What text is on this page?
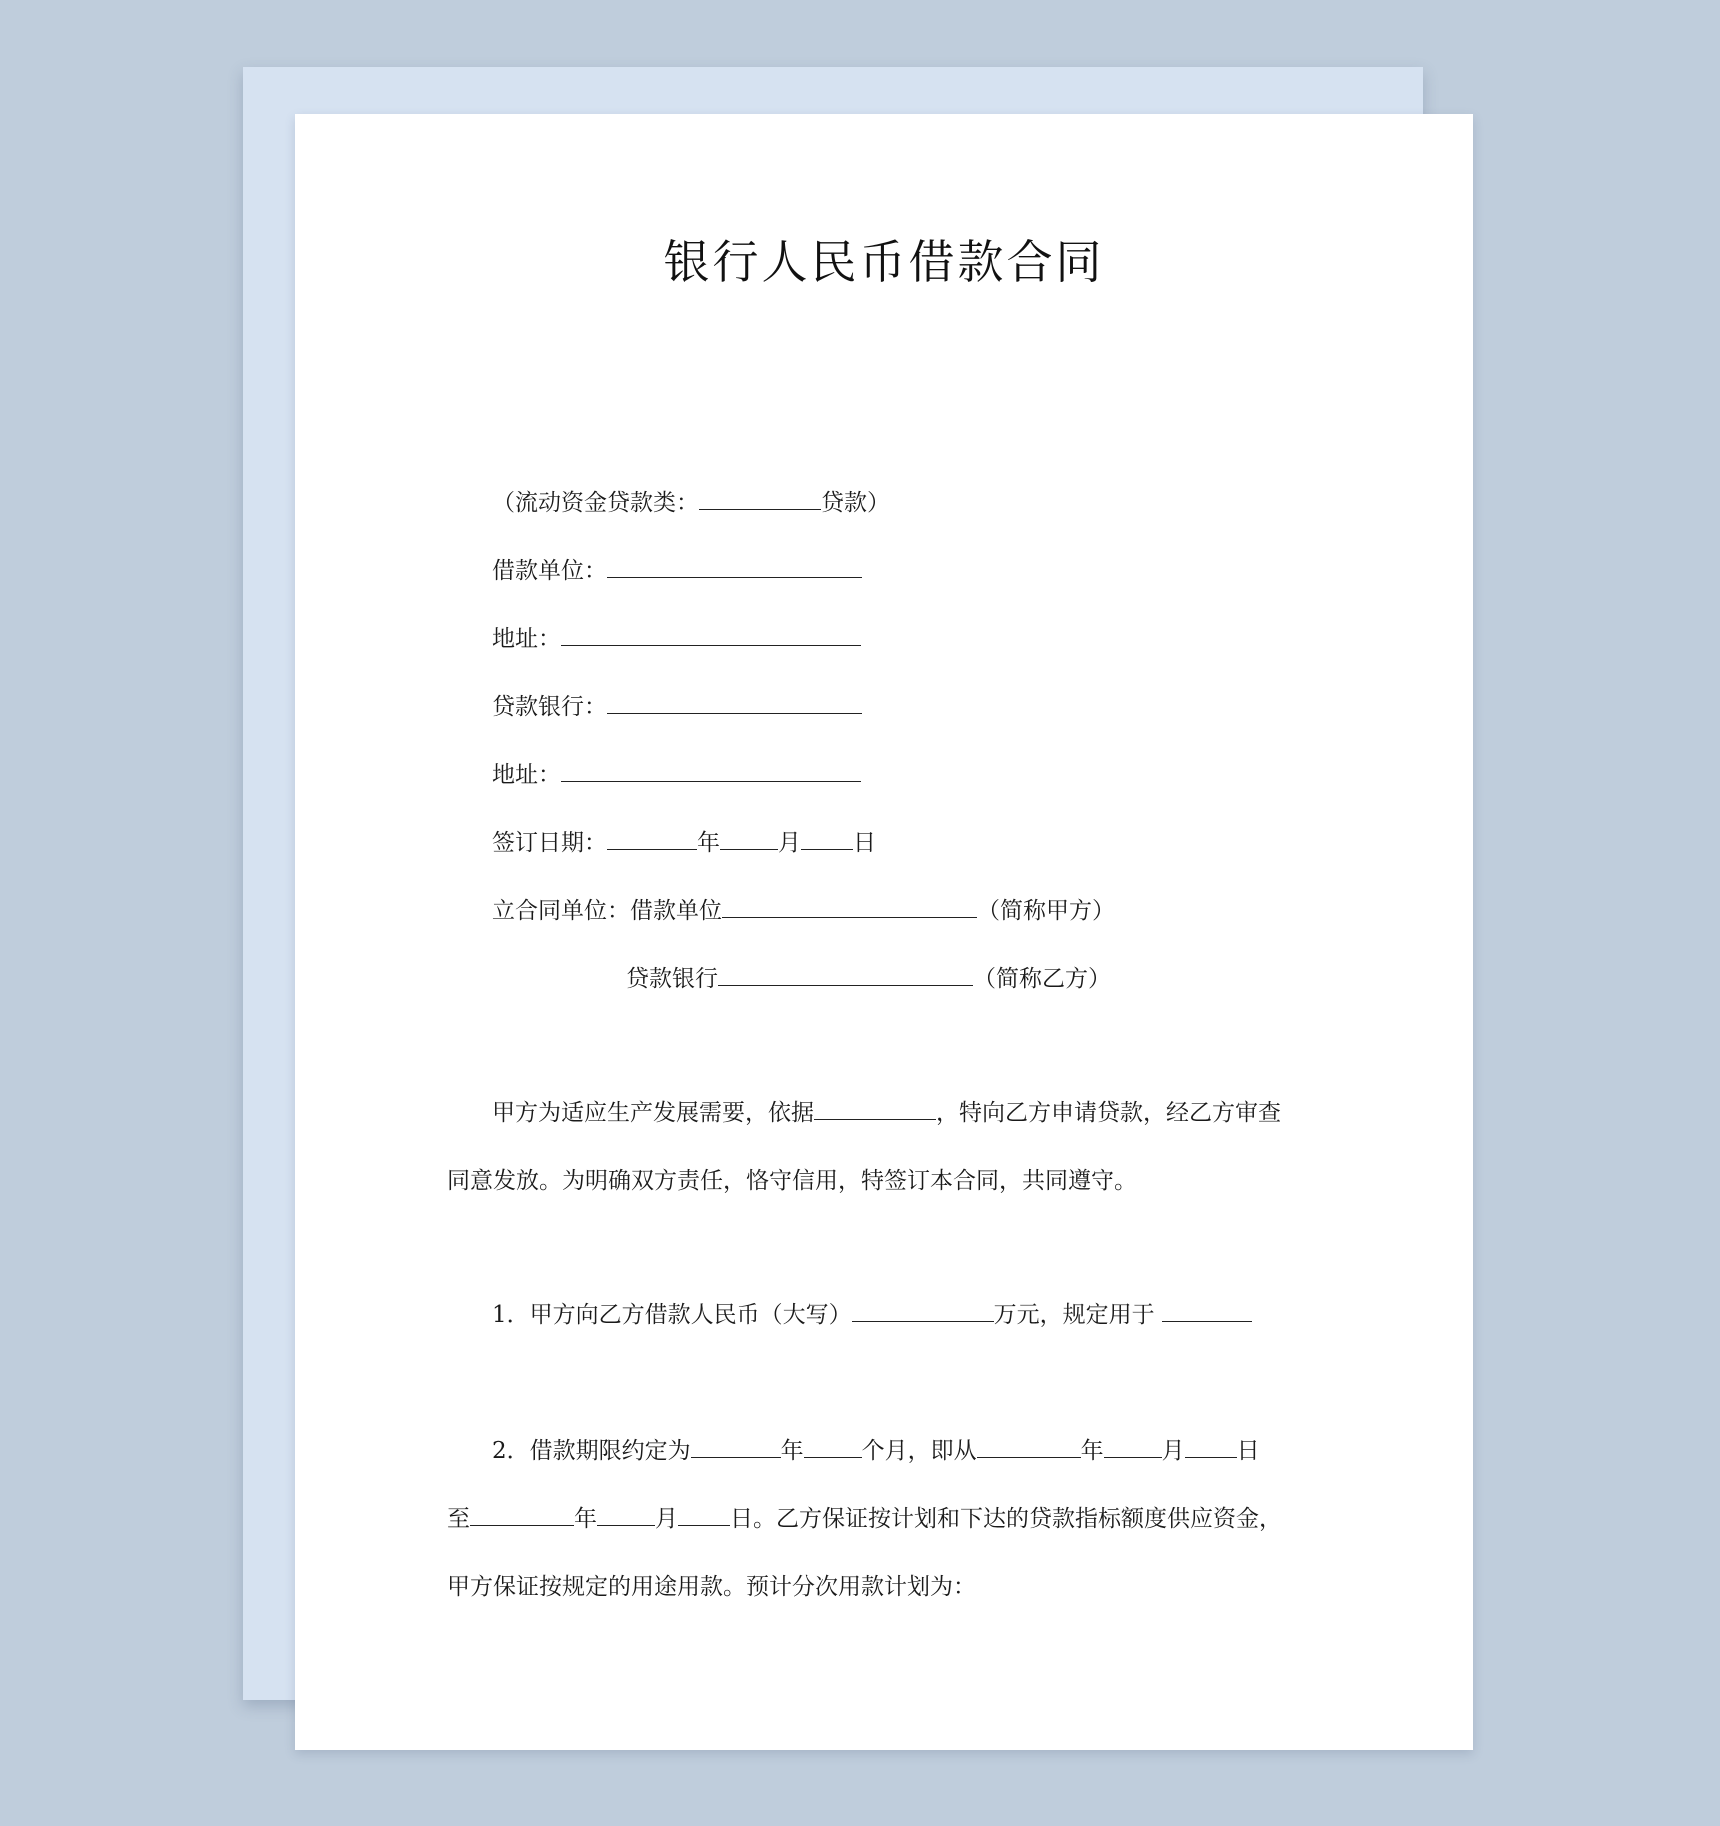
银行人民币借款合同
（流动资金贷款类：	贷款）
借款单位：
地址：
贷款银行：
地址：
签订日期：	年	月 日
立合同单位：借款单位	（简称甲方）
贷款银行	（简称乙方）
甲方为适应生产发展需要，依据	，特向乙方申请贷款，经乙方审查
同意发放。为明确双方责任，恪守信用，特签订本合同，共同遵守。
1．甲方向乙方借款人民币（大写）	万元，规定用于
2．借款期限约定为	年	个月，即从	年	月 日
至	年	月 日。乙方保证按计划和下达的贷款指标额度供应资金，
甲方保证按规定的用途用款。预计分次用款计划为：
